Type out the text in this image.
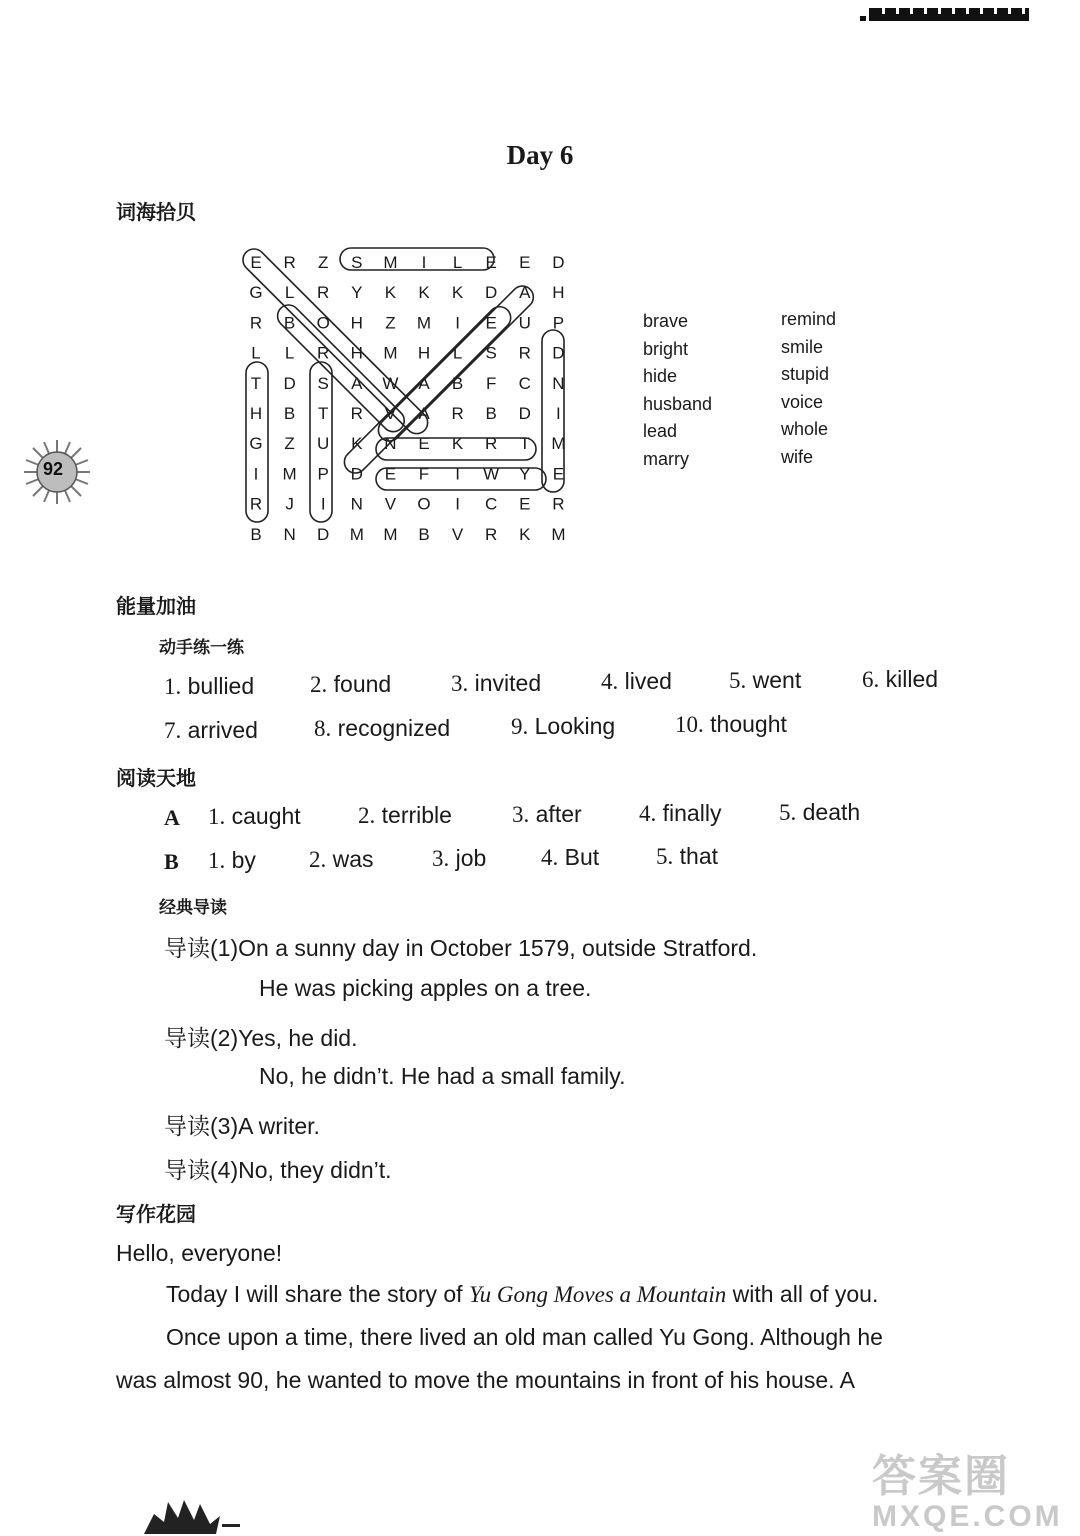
92
Day 6
词海拾贝
E R Z S M I L E E D
G L R Y K K K D A H
R B O H Z M I E U P
L L R H M H L S R D
T D S A W A B F C N
H B T R V A R B D I
G Z U K N E K R T M
I M P D E F I W Y E
R J I N V O I C E R
B N D M M B V R K M
brave
bright
hide
husband
lead
marry
remind
smile
stupid
voice
whole
wife
能量加油
动手练一练
1. bullied 2. found	3. invited	4. lived 5. went	6. killed
7. arrived 8. recognized	9. Looking	10. thought
阅读天地
A 1. caught 2. terrible	3. after 4. finally	5. death
B 1. by 2. was	3. job 4. But 5. that
经典导读
导读(1)On a sunny day in October 1579, outside Stratford.
He was picking apples on a tree.
导读(2)Yes, he did.
No, he didn’t. He had a small family.
导读(3)A writer.
导读(4)No, they didn’t.
写作花园
Hello, everyone!
Today I will share the story of Yu Gong Moves a Mountain with all of you.
Once upon a time, there lived an old man called Yu Gong. Although he
was almost 90, he wanted to move the mountains in front of his house. A
答案圈
MXQE.COM
